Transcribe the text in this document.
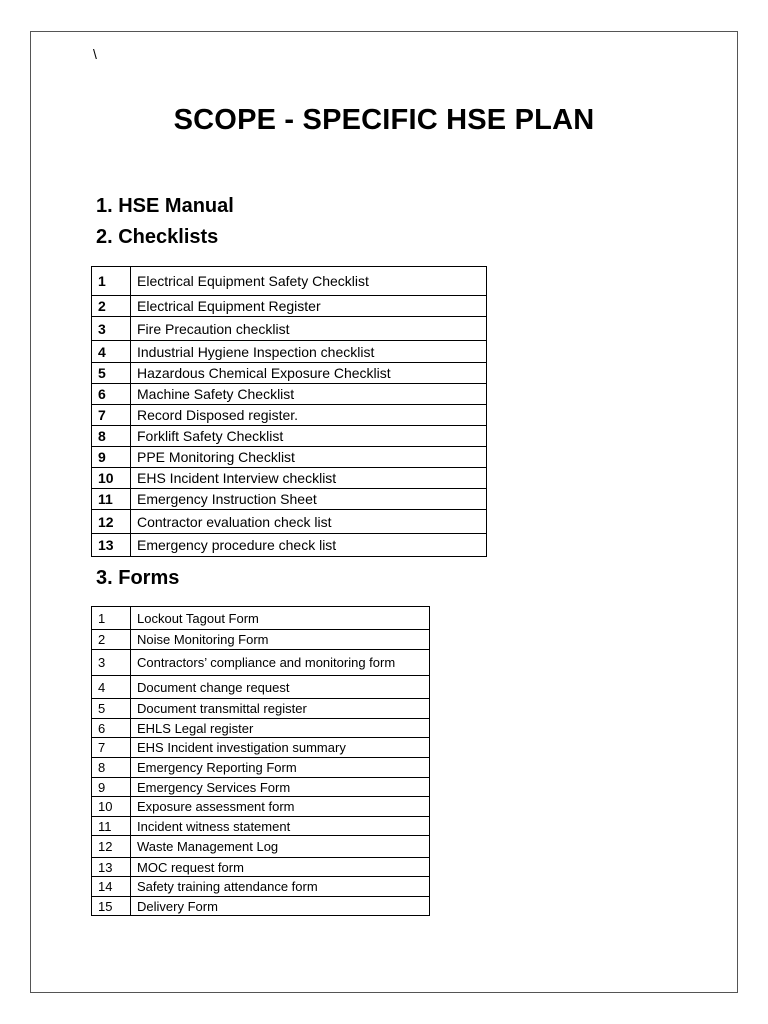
\
SCOPE - SPECIFIC HSE PLAN
1. HSE Manual
2. Checklists
1	Electrical Equipment Safety Checklist
2	Electrical Equipment Register
3	Fire Precaution checklist
4	Industrial Hygiene Inspection checklist
5	Hazardous Chemical Exposure Checklist
6	Machine Safety Checklist
7	Record Disposed register.
8	Forklift Safety Checklist
9	PPE Monitoring Checklist
10	EHS Incident Interview checklist
11	Emergency Instruction Sheet
12	Contractor evaluation check list
13	Emergency procedure check list
3. Forms
1	Lockout Tagout Form
2	Noise Monitoring Form
3	Contractors’ compliance and monitoring form
4	Document change request
5	Document transmittal register
6	EHLS Legal register
7	EHS Incident investigation summary
8	Emergency Reporting Form
9	Emergency Services Form
10	Exposure assessment form
11	Incident witness statement
12	Waste Management Log
13	MOC request form
14	Safety training attendance form
15	Delivery Form
